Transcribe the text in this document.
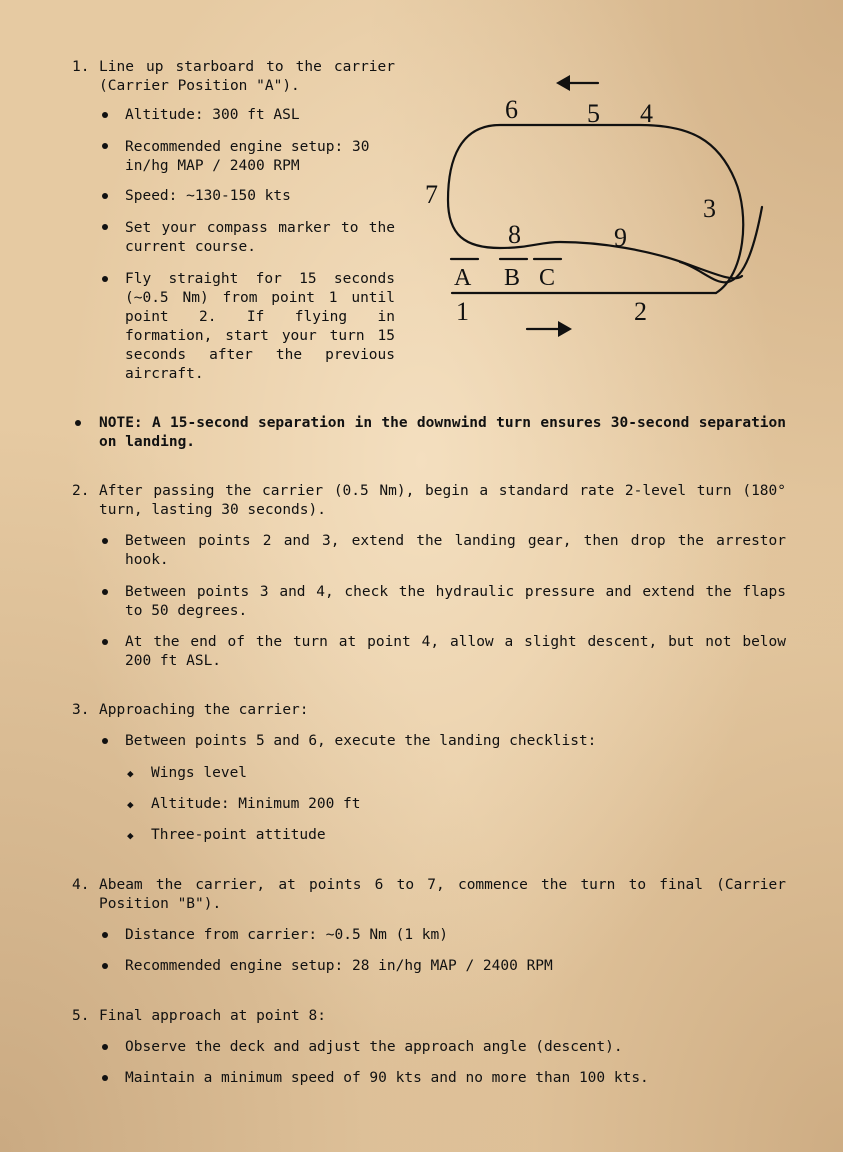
1. Line up starboard to the carrier (Carrier Position "A").
Altitude: 300 ft ASL
Recommended engine setup: 30 in/hg MAP / 2400 RPM
Speed: ~130-150 kts
Set your compass marker to the current course.
Fly straight for 15 seconds (~0.5 Nm) from point 1 until point 2. If flying in formation, start your turn 15 seconds after the previous aircraft.
6	5 4
7	3
8	9
1	2
A B C
NOTE: A 15-second separation in the downwind turn ensures 30-second separation on landing.
2. After passing the carrier (0.5 Nm), begin a standard rate 2-level turn (180° turn, lasting 30 seconds).
Between points 2 and 3, extend the landing gear, then drop the arrestor hook.
Between points 3 and 4, check the hydraulic pressure and extend the flaps to 50 degrees.
At the end of the turn at point 4, allow a slight descent, but not below 200 ft ASL.
3. Approaching the carrier:
Between points 5 and 6, execute the landing checklist:
◆ Wings level
◆ Altitude: Minimum 200 ft
◆ Three-point attitude
4. Abeam the carrier, at points 6 to 7, commence the turn to final (Carrier Position "B").
Distance from carrier: ~0.5 Nm (1 km)
Recommended engine setup: 28 in/hg MAP / 2400 RPM
5. Final approach at point 8:
Observe the deck and adjust the approach angle (descent).
Maintain a minimum speed of 90 kts and no more than 100 kts.
